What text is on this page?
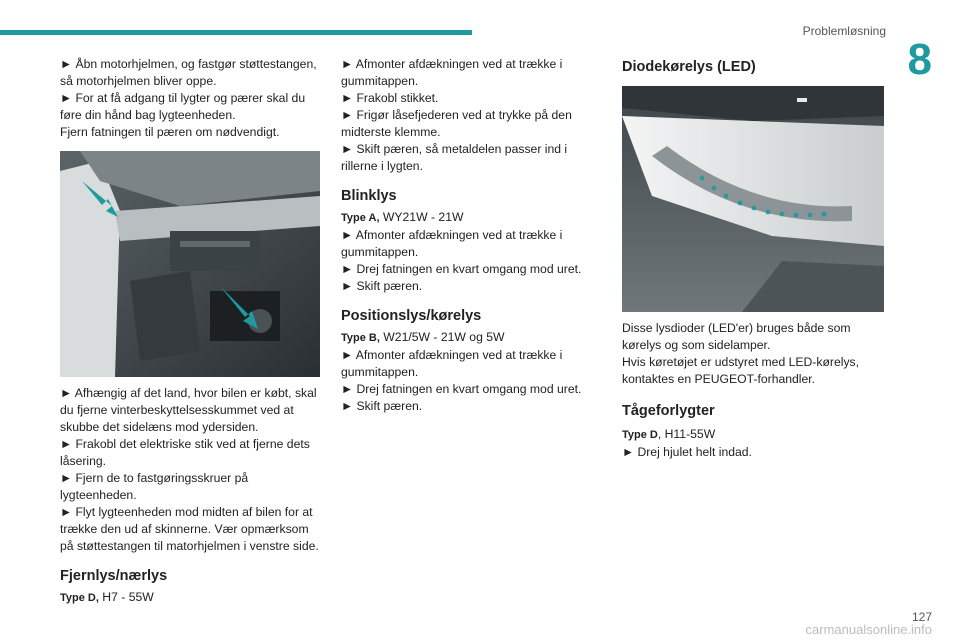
Problemløsning
8

► Åbn motorhjelmen, og fastgør støttestangen, så motorhjelmen bliver oppe.

► For at få adgang til lygter og pærer skal du føre din hånd bag lygteenheden.

Fjern fatningen til pæren om nødvendigt.

► Afhængig af det land, hvor bilen er købt, skal du fjerne vinterbeskyttelsesskummet ved at skubbe det sidelæns mod ydersiden.

► Frakobl det elektriske stik ved at fjerne dets låsering.

► Fjern de to fastgøringsskruer på lygteenheden.

► Flyt lygteenheden mod midten af bilen for at trække den ud af skinnerne. Vær opmærksom på støttestangen til matorhjelmen i venstre side.

Fjernlys/nærlys

Type D, H7 - 55W

► Afmonter afdækningen ved at trække i gummitappen.

► Frakobl stikket.

► Frigør låsefjederen ved at trykke på den midterste klemme.

► Skift pæren, så metaldelen passer ind i rillerne i lygten.

Blinklys

Type A, WY21W - 21W

► Afmonter afdækningen ved at trække i gummitappen.

► Drej fatningen en kvart omgang mod uret.

► Skift pæren.

Positionslys/kørelys

Type B, W21/5W - 21W og 5W

► Afmonter afdækningen ved at trække i gummitappen.

► Drej fatningen en kvart omgang mod uret.

► Skift pæren.

Diodekørelys (LED)

Disse lysdioder (LED'er) bruges både som kørelys og som sidelamper.

Hvis køretøjet er udstyret med LED-kørelys, kontaktes en PEUGEOT-forhandler.

Tågeforlygter

Type D, H11-55W

► Drej hjulet helt indad.

127
carmanualsonline.info
